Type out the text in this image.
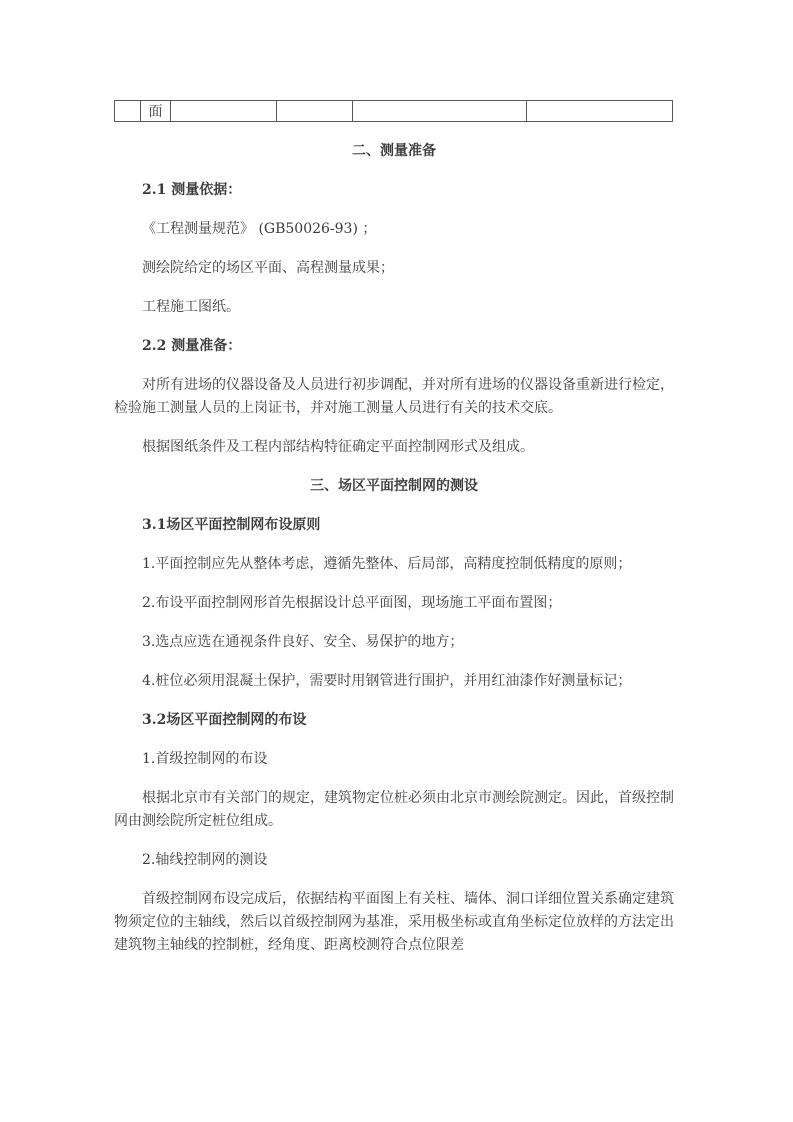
	面				

二、测量准备

2.1 测量依据：

《工程测量规范》 (GB50026-93) ；

测绘院给定的场区平面、高程测量成果；

工程施工图纸。

2.2 测量准备：

对所有进场的仪器设备及人员进行初步调配，并对所有进场的仪器设备重新进行检定，检验施工测量人员的上岗证书，并对施工测量人员进行有关的技术交底。

根据图纸条件及工程内部结构特征确定平面控制网形式及组成。

三、场区平面控制网的测设

3.1场区平面控制网布设原则

1.平面控制应先从整体考虑，遵循先整体、后局部，高精度控制低精度的原则；

2.布设平面控制网形首先根据设计总平面图，现场施工平面布置图；

3.选点应选在通视条件良好、安全、易保护的地方；

4.桩位必须用混凝土保护，需要时用钢管进行围护，并用红油漆作好测量标记；

3.2场区平面控制网的布设

1.首级控制网的布设

根据北京市有关部门的规定，建筑物定位桩必须由北京市测绘院测定。因此，首级控制网由测绘院所定桩位组成。

2.轴线控制网的测设

首级控制网布设完成后，依据结构平面图上有关柱、墙体、洞口详细位置关系确定建筑物须定位的主轴线，然后以首级控制网为基准，采用极坐标或直角坐标定位放样的方法定出建筑物主轴线的控制桩，经角度、距离校测符合点位限差
